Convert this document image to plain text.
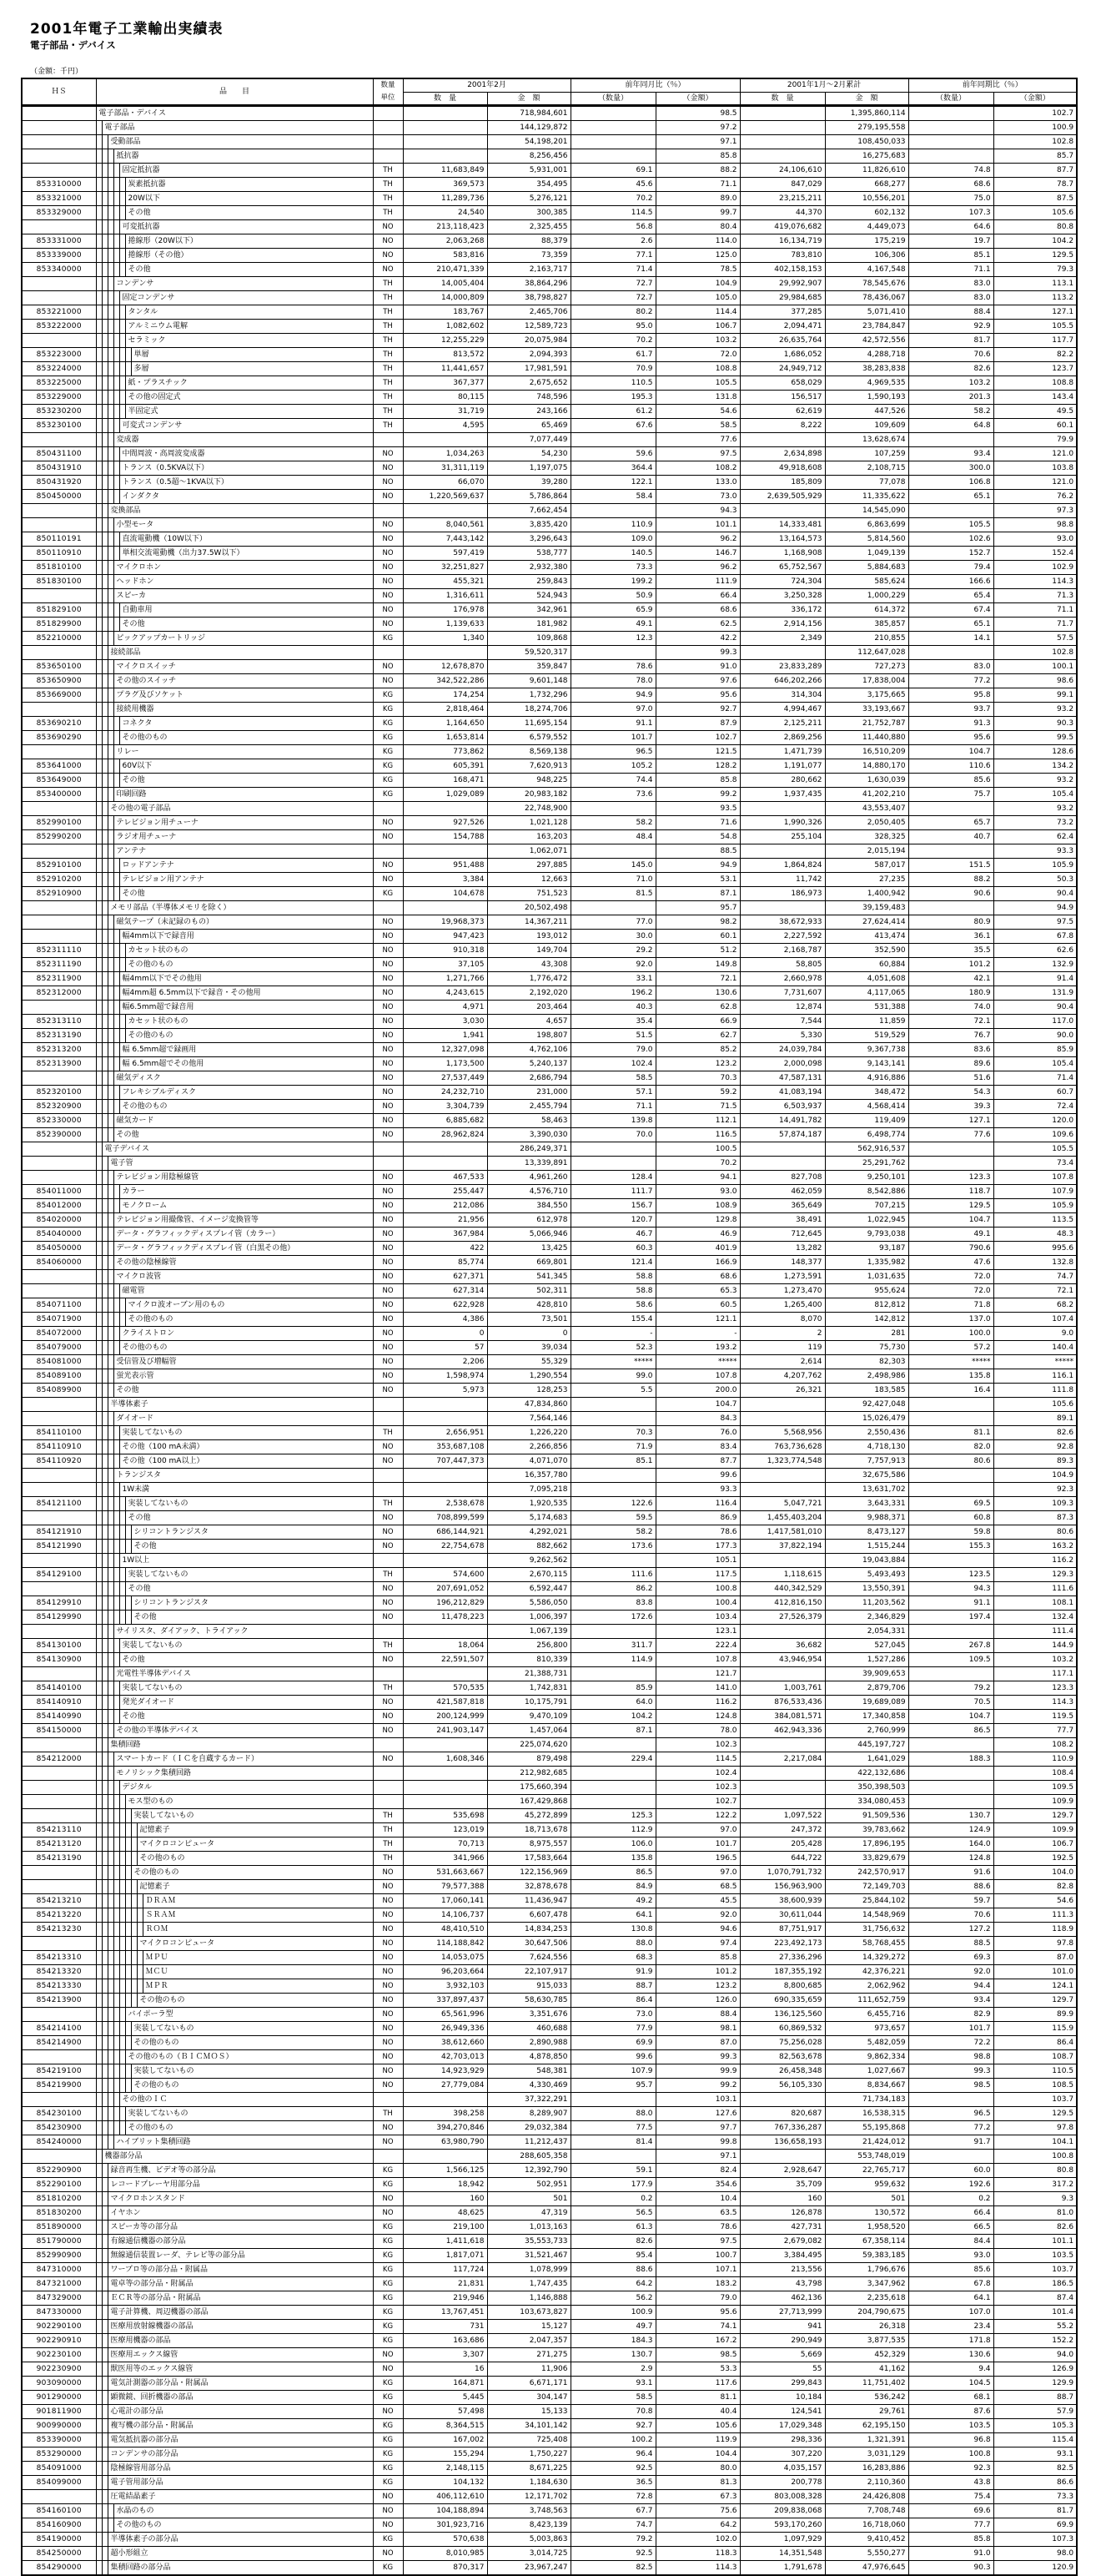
2001年電子工業輸出実績表
電子部品・デバイス
（金額：千円）
ＨＳ	品　　目	数量
単位	2001年2月		前年同月比（％）		2001年1月～2月累計		前年同期比（％）	
			数　量	金　額	（数量）	（金額）	数　量	金　額	（数量）	（金額）

	電子部品・デバイス			718,984,601		98.5		1,395,860,114		102.7

	電子部品			144,129,872		97.2		279,195,558		100.9

	受動部品			54,198,201		97.1		108,450,033		102.8

	抵抗器			8,256,456		85.8		16,275,683		85.7

	固定抵抗器	TH	11,683,849	5,931,001	69.1	88.2	24,106,610	11,826,610	74.8	87.7
853310000	炭素抵抗器	TH	369,573	354,495	45.6	71.1	847,029	668,277	68.6	78.7
853321000	20W以下	TH	11,289,736	5,276,121	70.2	89.0	23,215,211	10,556,201	75.0	87.5
853329000	その他	TH	24,540	300,385	114.5	99.7	44,370	602,132	107.3	105.6

	可変抵抗器	NO	213,118,423	2,325,455	56.8	80.4	419,076,682	4,449,073	64.6	80.8
853331000	捲線形（20W以下）	NO	2,063,268	88,379	2.6	114.0	16,134,719	175,219	19.7	104.2
853339000	捲線形（その他）	NO	583,816	73,359	77.1	125.0	783,810	106,306	85.1	129.5
853340000	その他	NO	210,471,339	2,163,717	71.4	78.5	402,158,153	4,167,548	71.1	79.3

	コンデンサ	TH	14,005,404	38,864,296	72.7	104.9	29,992,907	78,545,676	83.0	113.1

	固定コンデンサ	TH	14,000,809	38,798,827	72.7	105.0	29,984,685	78,436,067	83.0	113.2
853221000	タンタル	TH	183,767	2,465,706	80.2	114.4	377,285	5,071,410	88.4	127.1
853222000	アルミニウム電解	TH	1,082,602	12,589,723	95.0	106.7	2,094,471	23,784,847	92.9	105.5

	セラミック	TH	12,255,229	20,075,984	70.2	103.2	26,635,764	42,572,556	81.7	117.7
853223000	単層	TH	813,572	2,094,393	61.7	72.0	1,686,052	4,288,718	70.6	82.2
853224000	多層	TH	11,441,657	17,981,591	70.9	108.8	24,949,712	38,283,838	82.6	123.7
853225000	紙・プラスチック	TH	367,377	2,675,652	110.5	105.5	658,029	4,969,535	103.2	108.8
853229000	その他の固定式	TH	80,115	748,596	195.3	131.8	156,517	1,590,193	201.3	143.4
853230200	半固定式	TH	31,719	243,166	61.2	54.6	62,619	447,526	58.2	49.5
853230100	可変式コンデンサ	TH	4,595	65,469	67.6	58.5	8,222	109,609	64.8	60.1

	変成器			7,077,449		77.6		13,628,674		79.9
850431100	中間周波・高周波変成器	NO	1,034,263	54,230	59.6	97.5	2,634,898	107,259	93.4	121.0
850431910	トランス（0.5KVA以下）	NO	31,311,119	1,197,075	364.4	108.2	49,918,608	2,108,715	300.0	103.8
850431920	トランス（0.5超～1KVA以下）	NO	66,070	39,280	122.1	133.0	185,809	77,078	106.8	121.0
850450000	インダクタ	NO	1,220,569,637	5,786,864	58.4	73.0	2,639,505,929	11,335,622	65.1	76.2

	変換部品			7,662,454		94.3		14,545,090		97.3

	小型モータ	NO	8,040,561	3,835,420	110.9	101.1	14,333,481	6,863,699	105.5	98.8
850110191	直流電動機（10W以下）	NO	7,443,142	3,296,643	109.0	96.2	13,164,573	5,814,560	102.6	93.0
850110910	単相交流電動機（出力37.5W以下）	NO	597,419	538,777	140.5	146.7	1,168,908	1,049,139	152.7	152.4
851810100	マイクロホン	NO	32,251,827	2,932,380	73.3	96.2	65,752,567	5,884,683	79.4	102.9
851830100	ヘッドホン	NO	455,321	259,843	199.2	111.9	724,304	585,624	166.6	114.3

	スピーカ	NO	1,316,611	524,943	50.9	66.4	3,250,328	1,000,229	65.4	71.3
851829100	自動車用	NO	176,978	342,961	65.9	68.6	336,172	614,372	67.4	71.1
851829900	その他	NO	1,139,633	181,982	49.1	62.5	2,914,156	385,857	65.1	71.7
852210000	ピックアップカートリッジ	KG	1,340	109,868	12.3	42.2	2,349	210,855	14.1	57.5

	接続部品			59,520,317		99.3		112,647,028		102.8
853650100	マイクロスイッチ	NO	12,678,870	359,847	78.6	91.0	23,833,289	727,273	83.0	100.1
853650900	その他のスイッチ	NO	342,522,286	9,601,148	78.0	97.6	646,202,266	17,838,004	77.2	98.6
853669000	プラグ及びソケット	KG	174,254	1,732,296	94.9	95.6	314,304	3,175,665	95.8	99.1

	接続用機器	KG	2,818,464	18,274,706	97.0	92.7	4,994,467	33,193,667	93.7	93.2
853690210	コネクタ	KG	1,164,650	11,695,154	91.1	87.9	2,125,211	21,752,787	91.3	90.3
853690290	その他のもの	KG	1,653,814	6,579,552	101.7	102.7	2,869,256	11,440,880	95.6	99.5

	リレー	KG	773,862	8,569,138	96.5	121.5	1,471,739	16,510,209	104.7	128.6
853641000	60V以下	KG	605,391	7,620,913	105.2	128.2	1,191,077	14,880,170	110.6	134.2
853649000	その他	KG	168,471	948,225	74.4	85.8	280,662	1,630,039	85.6	93.2
853400000	印刷回路	KG	1,029,089	20,983,182	73.6	99.2	1,937,435	41,202,210	75.7	105.4

	その他の電子部品			22,748,900		93.5		43,553,407		93.2
852990100	テレビジョン用チューナ	NO	927,526	1,021,128	58.2	71.6	1,990,326	2,050,405	65.7	73.2
852990200	ラジオ用チューナ	NO	154,788	163,203	48.4	54.8	255,104	328,325	40.7	62.4

	アンテナ			1,062,071		88.5		2,015,194		93.3
852910100	ロッドアンテナ	NO	951,488	297,885	145.0	94.9	1,864,824	587,017	151.5	105.9
852910200	テレビジョン用アンテナ	NO	3,384	12,663	71.0	53.1	11,742	27,235	88.2	50.3
852910900	その他	KG	104,678	751,523	81.5	87.1	186,973	1,400,942	90.6	90.4

	メモリ部品（半導体メモリを除く）			20,502,498		95.7		39,159,483		94.9

	磁気テープ（未記録のもの）	NO	19,968,373	14,367,211	77.0	98.2	38,672,933	27,624,414	80.9	97.5

	幅4mm以下で録音用	NO	947,423	193,012	30.0	60.1	2,227,592	413,474	36.1	67.8
852311110	カセット状のもの	NO	910,318	149,704	29.2	51.2	2,168,787	352,590	35.5	62.6
852311190	その他のもの	NO	37,105	43,308	92.0	149.8	58,805	60,884	101.2	132.9
852311900	幅4mm以下でその他用	NO	1,271,766	1,776,472	33.1	72.1	2,660,978	4,051,608	42.1	91.4
852312000	幅4mm超 6.5mm以下で録音・その他用	NO	4,243,615	2,192,020	196.2	130.6	7,731,607	4,117,065	180.9	131.9

	幅6.5mm超で録音用	NO	4,971	203,464	40.3	62.8	12,874	531,388	74.0	90.4
852313110	カセット状のもの	NO	3,030	4,657	35.4	66.9	7,544	11,859	72.1	117.0
852313190	その他のもの	NO	1,941	198,807	51.5	62.7	5,330	519,529	76.7	90.0
852313200	幅 6.5mm超で録画用	NO	12,327,098	4,762,106	79.0	85.2	24,039,784	9,367,738	83.6	85.9
852313900	幅 6.5mm超でその他用	NO	1,173,500	5,240,137	102.4	123.2	2,000,098	9,143,141	89.6	105.4

	磁気ディスク	NO	27,537,449	2,686,794	58.5	70.3	47,587,131	4,916,886	51.6	71.4
852320100	フレキシブルディスク	NO	24,232,710	231,000	57.1	59.2	41,083,194	348,472	54.3	60.7
852320900	その他のもの	NO	3,304,739	2,455,794	71.1	71.5	6,503,937	4,568,414	39.3	72.4
852330000	磁気カード	NO	6,885,682	58,463	139.8	112.1	14,491,782	119,409	127.1	120.0
852390000	その他	NO	28,962,824	3,390,030	70.0	116.5	57,874,187	6,498,774	77.6	109.6

	電子デバイス			286,249,371		100.5		562,916,537		105.5

	電子管			13,339,891		70.2		25,291,762		73.4

	テレビジョン用陰極線管	NO	467,533	4,961,260	128.4	94.1	827,708	9,250,101	123.3	107.8
854011000	カラー	NO	255,447	4,576,710	111.7	93.0	462,059	8,542,886	118.7	107.9
854012000	モノクローム	NO	212,086	384,550	156.7	108.9	365,649	707,215	129.5	105.9
854020000	テレビジョン用撮像管、イメージ変換管等	NO	21,956	612,978	120.7	129.8	38,491	1,022,945	104.7	113.5
854040000	データ・グラフィックディスプレイ管（カラー）	NO	367,984	5,066,946	46.7	46.9	712,645	9,793,038	49.1	48.3
854050000	データ・グラフィックディスプレイ管（白黒その他）	NO	422	13,425	60.3	401.9	13,282	93,187	790.6	995.6
854060000	その他の陰極線管	NO	85,774	669,801	121.4	166.9	148,377	1,335,982	47.6	132.8

	マイクロ波管	NO	627,371	541,345	58.8	68.6	1,273,591	1,031,635	72.0	74.7

	磁電管	NO	627,314	502,311	58.8	65.3	1,273,470	955,624	72.0	72.1
854071100	マイクロ波オーブン用のもの	NO	622,928	428,810	58.6	60.5	1,265,400	812,812	71.8	68.2
854071900	その他のもの	NO	4,386	73,501	155.4	121.1	8,070	142,812	137.0	107.4
854072000	クライストロン	NO	0	0	-	-	2	281	100.0	9.0
854079000	その他のもの	NO	57	39,034	52.3	193.2	119	75,730	57.2	140.4
854081000	受信管及び増幅管	NO	2,206	55,329	*****	*****	2,614	82,303	*****	*****
854089100	蛍光表示管	NO	1,598,974	1,290,554	99.0	107.8	4,207,762	2,498,986	135.8	116.1
854089900	その他	NO	5,973	128,253	5.5	200.0	26,321	183,585	16.4	111.8

	半導体素子			47,834,860		104.7		92,427,048		105.6

	ダイオード			7,564,146		84.3		15,026,479		89.1
854110100	実装してないもの	TH	2,656,951	1,226,220	70.3	76.0	5,568,956	2,550,436	81.1	82.6
854110910	その他（100 mA未満）	NO	353,687,108	2,266,856	71.9	83.4	763,736,628	4,718,130	82.0	92.8
854110920	その他（100 mA以上）	NO	707,447,373	4,071,070	85.1	87.7	1,323,774,548	7,757,913	80.6	89.3

	トランジスタ			16,357,780		99.6		32,675,586		104.9

	1W未満			7,095,218		93.3		13,631,702		92.3
854121100	実装してないもの	TH	2,538,678	1,920,535	122.6	116.4	5,047,721	3,643,331	69.5	109.3

	その他	NO	708,899,599	5,174,683	59.5	86.9	1,455,403,204	9,988,371	60.8	87.3
854121910	シリコントランジスタ	NO	686,144,921	4,292,021	58.2	78.6	1,417,581,010	8,473,127	59.8	80.6
854121990	その他	NO	22,754,678	882,662	173.6	177.3	37,822,194	1,515,244	155.3	163.2

	1W以上			9,262,562		105.1		19,043,884		116.2
854129100	実装してないもの	TH	574,600	2,670,115	111.6	117.5	1,118,615	5,493,493	123.5	129.3

	その他	NO	207,691,052	6,592,447	86.2	100.8	440,342,529	13,550,391	94.3	111.6
854129910	シリコントランジスタ	NO	196,212,829	5,586,050	83.8	100.4	412,816,150	11,203,562	91.1	108.1
854129990	その他	NO	11,478,223	1,006,397	172.6	103.4	27,526,379	2,346,829	197.4	132.4

	サイリスタ、ダイアック、トライアック			1,067,139		123.1		2,054,331		111.4
854130100	実装してないもの	TH	18,064	256,800	311.7	222.4	36,682	527,045	267.8	144.9
854130900	その他	NO	22,591,507	810,339	114.9	107.8	43,946,954	1,527,286	109.5	103.2

	光電性半導体デバイス			21,388,731		121.7		39,909,653		117.1
854140100	実装してないもの	TH	570,535	1,742,831	85.9	141.0	1,003,761	2,879,706	79.2	123.3
854140910	発光ダイオード	NO	421,587,818	10,175,791	64.0	116.2	876,533,436	19,689,089	70.5	114.3
854140990	その他	NO	200,124,999	9,470,109	104.2	124.8	384,081,571	17,340,858	104.7	119.5
854150000	その他の半導体デバイス	NO	241,903,147	1,457,064	87.1	78.0	462,943,336	2,760,999	86.5	77.7

	集積回路			225,074,620		102.3		445,197,727		108.2
854212000	スマートカード（ＩＣを自蔵するカード）	NO	1,608,346	879,498	229.4	114.5	2,217,084	1,641,029	188.3	110.9

	モノリシック集積回路			212,982,685		102.4		422,132,686		108.4

	デジタル			175,660,394		102.3		350,398,503		109.5

	モス型のもの			167,429,868		102.7		334,080,453		109.9

	実装してないもの	TH	535,698	45,272,899	125.3	122.2	1,097,522	91,509,536	130.7	129.7
854213110	記憶素子	TH	123,019	18,713,678	112.9	97.0	247,372	39,783,662	124.9	109.9
854213120	マイクロコンピュータ	TH	70,713	8,975,557	106.0	101.7	205,428	17,896,195	164.0	106.7
854213190	その他のもの	TH	341,966	17,583,664	135.8	196.5	644,722	33,829,679	124.8	192.5

	その他のもの	NO	531,663,667	122,156,969	86.5	97.0	1,070,791,732	242,570,917	91.6	104.0

	記憶素子	NO	79,577,388	32,878,678	84.9	68.5	156,963,900	72,149,703	88.6	82.8
854213210	ＤＲＡＭ	NO	17,060,141	11,436,947	49.2	45.5	38,600,939	25,844,102	59.7	54.6
854213220	ＳＲＡＭ	NO	14,106,737	6,607,478	64.1	92.0	30,611,044	14,548,969	70.6	111.3
854213230	ＲＯＭ	NO	48,410,510	14,834,253	130.8	94.6	87,751,917	31,756,632	127.2	118.9

	マイクロコンピュータ	NO	114,188,842	30,647,506	88.0	97.4	223,492,173	58,768,455	88.5	97.8
854213310	ＭＰＵ	NO	14,053,075	7,624,556	68.3	85.8	27,336,296	14,329,272	69.3	87.0
854213320	ＭＣＵ	NO	96,203,664	22,107,917	91.9	101.2	187,355,192	42,376,221	92.0	101.0
854213330	ＭＰＲ	NO	3,932,103	915,033	88.7	123.2	8,800,685	2,062,962	94.4	124.1
854213900	その他のもの	NO	337,897,437	58,630,785	86.4	126.0	690,335,659	111,652,759	93.4	129.7

	バイポーラ型	NO	65,561,996	3,351,676	73.0	88.4	136,125,560	6,455,716	82.9	89.9
854214100	実装してないもの	NO	26,949,336	460,688	77.9	98.1	60,869,532	973,657	101.7	115.9
854214900	その他のもの	NO	38,612,660	2,890,988	69.9	87.0	75,256,028	5,482,059	72.2	86.4

	その他のもの（ＢＩＣＭＯＳ）	NO	42,703,013	4,878,850	99.6	99.3	82,563,678	9,862,334	98.8	108.7
854219100	実装してないもの	NO	14,923,929	548,381	107.9	99.9	26,458,348	1,027,667	99.3	110.5
854219900	その他のもの	NO	27,779,084	4,330,469	95.7	99.2	56,105,330	8,834,667	98.5	108.5

	その他のＩＣ			37,322,291		103.1		71,734,183		103.7
854230100	実装してないもの	TH	398,258	8,289,907	88.0	127.6	820,687	16,538,315	96.5	129.5
854230900	その他のもの	NO	394,270,846	29,032,384	77.5	97.7	767,336,287	55,195,868	77.2	97.8
854240000	ハイブリット集積回路	NO	63,980,790	11,212,437	81.4	99.8	136,658,193	21,424,012	91.7	104.1

	機器部分品			288,605,358		97.1		553,748,019		100.8
852290900	録音再生機、ビデオ等の部分品	KG	1,566,125	12,392,790	59.1	82.4	2,928,647	22,765,717	60.0	80.8
852290100	レコードプレーヤ用部分品	KG	18,942	502,951	177.9	354.6	35,709	959,632	192.6	317.2
851810200	マイクロホンスタンド	NO	160	501	0.2	10.4	160	501	0.2	9.3
851830200	イヤホン	NO	48,625	47,319	56.5	63.5	126,878	130,572	66.4	81.0
851890000	スピーカ等の部分品	KG	219,100	1,013,163	61.3	78.6	427,731	1,958,520	66.5	82.6
851790000	有線通信機器の部分品	KG	1,411,618	35,553,733	82.6	97.5	2,679,082	67,358,114	84.4	101.1
852990900	無線通信装置レーダ、テレビ等の部分品	KG	1,817,071	31,521,467	95.4	100.7	3,384,495	59,383,185	93.0	103.5
847310000	ワープロ等の部分品・附属品	KG	117,724	1,078,999	88.6	107.1	213,556	1,796,676	85.6	103.7
847321000	電卓等の部分品・附属品	KG	21,831	1,747,435	64.2	183.2	43,798	3,347,962	67.8	186.5
847329000	ＥＣＲ等の部分品・附属品	KG	219,946	1,146,888	56.2	79.0	462,136	2,235,618	64.1	87.4
847330000	電子計算機、周辺機器の部品	KG	13,767,451	103,673,827	100.9	95.6	27,713,999	204,790,675	107.0	101.4
902290100	医療用放射線機器の部品	KG	731	15,127	49.7	74.1	941	26,318	23.4	55.2
902290910	医療用機器の部品	KG	163,686	2,047,357	184.3	167.2	290,949	3,877,535	171.8	152.2
902230100	医療用エックス線管	NO	3,307	271,275	130.7	98.5	5,669	452,329	130.6	94.0
902230900	獣医用等のエックス線管	NO	16	11,906	2.9	53.3	55	41,162	9.4	126.9
903090000	電気計測器の部分品・附属品	KG	164,871	6,671,171	93.1	117.6	299,843	11,751,402	104.5	129.9
901290000	顕微鏡、回折機器の部品	KG	5,445	304,147	58.5	81.1	10,184	536,242	68.1	88.7
901811900	心電計の部分品	NO	57,498	15,133	70.8	40.4	124,541	29,761	87.6	57.9
900990000	複写機の部分品・附属品	KG	8,364,515	34,101,142	92.7	105.6	17,029,348	62,195,150	103.5	105.3
853390000	電気抵抗器の部分品	KG	167,002	725,408	100.2	119.9	298,336	1,321,391	96.8	115.4
853290000	コンデンサの部分品	KG	155,294	1,750,227	96.4	104.4	307,220	3,031,129	100.8	93.1
854091000	陰極線管用部分品	KG	2,148,115	8,671,225	92.5	80.0	4,035,157	16,283,886	92.3	82.5
854099000	電子管用部分品	KG	104,132	1,184,630	36.5	81.3	200,778	2,110,360	43.8	86.6

	圧電結晶素子	NO	406,112,610	12,171,702	72.8	67.3	803,008,328	24,426,808	75.4	73.3
854160100	水晶のもの	NO	104,188,894	3,748,563	67.7	75.6	209,838,068	7,708,748	69.6	81.7
854160900	その他のもの	NO	301,923,716	8,423,139	74.7	64.2	593,170,260	16,718,060	77.7	69.9
854190000	半導体素子の部分品	KG	570,638	5,003,863	79.2	102.0	1,097,929	9,410,452	85.8	107.3
854250000	超小形組立	NO	8,010,985	3,014,725	92.5	118.3	14,351,548	5,550,277	91.0	98.0
854290000	集積回路の部分品	KG	870,317	23,967,247	82.5	114.3	1,791,678	47,976,645	90.3	120.9
